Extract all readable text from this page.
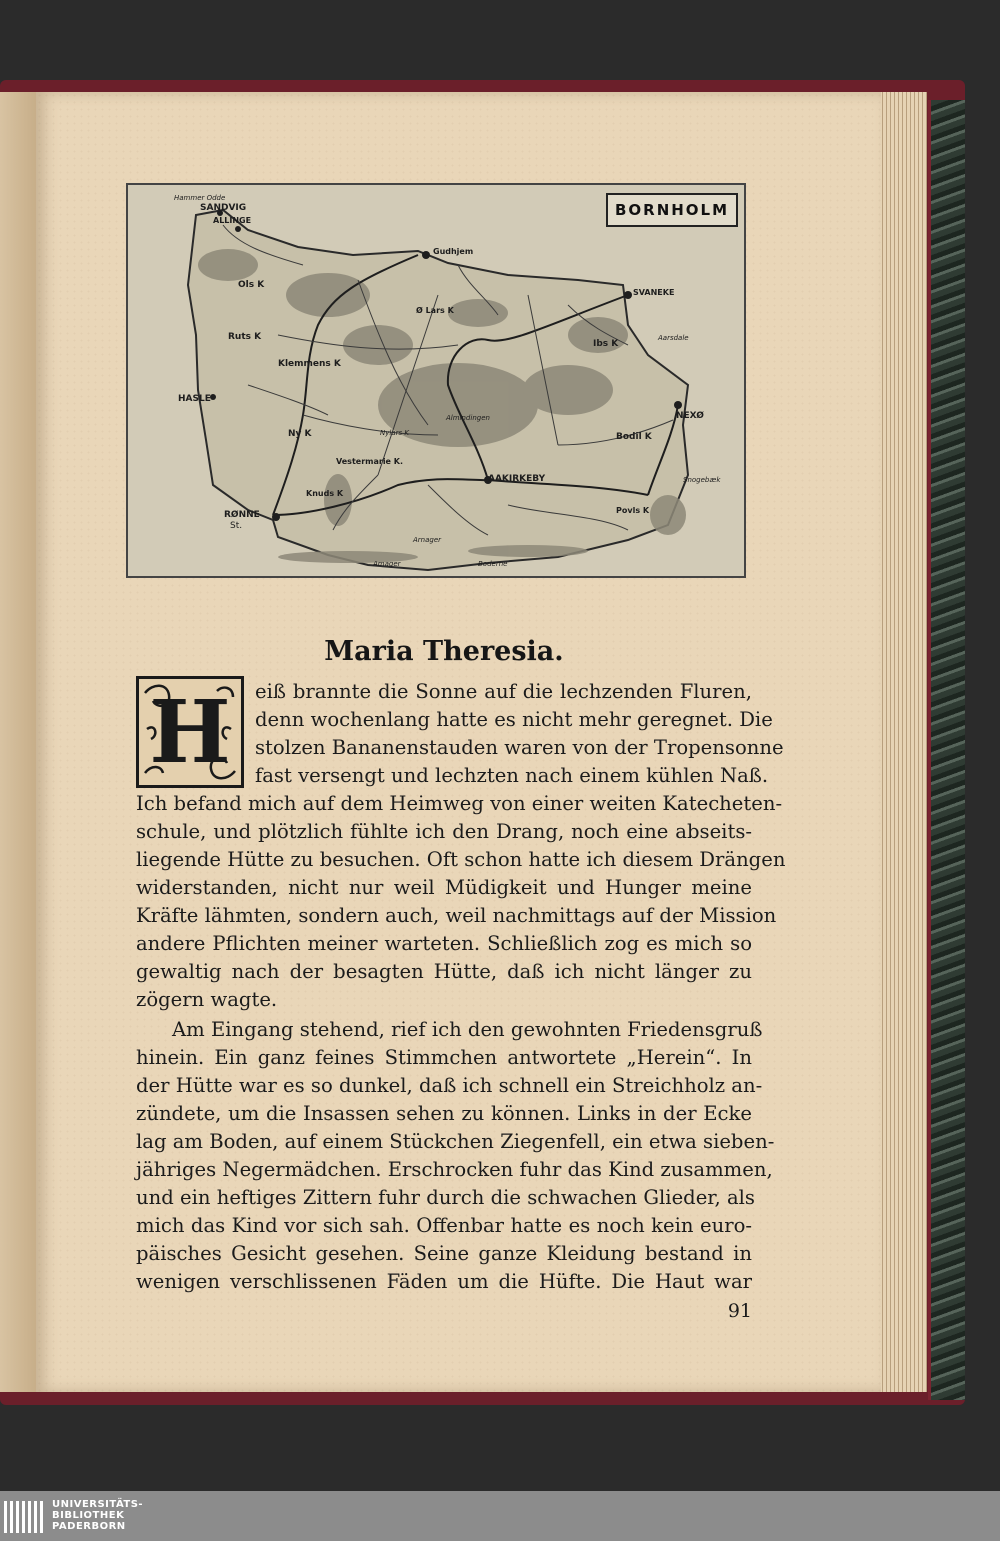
BORNHOLM
Hammer Odde
SANDVIG
ALLINGE
Gudhjem
SVANEKE
Ols K
Ruts K
Klemmens K
HASLE
Ny K
Vestermarie K.
AAKIRKEBY
NEXØ
Bodil K
Ibs K
Povls K
RØNNE
St.
Knuds K
Almindingen
Ø Lars K
Aarsdale
Amager	Boderne
Snogebæk
Nylars K
Arnager
Maria Theresia.
H	eiß brannte die Sonne auf die lechzenden Fluren,
denn wochenlang hatte es nicht mehr geregnet. Die
stolzen Bananenstauden waren von der Tropensonne
fast versengt und lechzten nach einem kühlen Naß.
Ich befand mich auf dem Heimweg von einer weiten Katecheten-
schule, und plötzlich fühlte ich den Drang, noch eine abseits-
liegende Hütte zu besuchen. Oft schon hatte ich diesem Drängen
widerstanden, nicht nur weil Müdigkeit und Hunger meine
Kräfte lähmten, sondern auch, weil nachmittags auf der Mission
andere Pflichten meiner warteten. Schließlich zog es mich so
gewaltig nach der besagten Hütte, daß ich nicht länger zu
zögern wagte.
Am Eingang stehend, rief ich den gewohnten Friedensgruß
hinein. Ein ganz feines Stimmchen antwortete „Herein“. In
der Hütte war es so dunkel, daß ich schnell ein Streichholz an-
zündete, um die Insassen sehen zu können. Links in der Ecke
lag am Boden, auf einem Stückchen Ziegenfell, ein etwa sieben-
jähriges Negermädchen. Erschrocken fuhr das Kind zusammen,
und ein heftiges Zittern fuhr durch die schwachen Glieder, als
mich das Kind vor sich sah. Offenbar hatte es noch kein euro-
päisches Gesicht gesehen. Seine ganze Kleidung bestand in
wenigen verschlissenen Fäden um die Hüfte. Die Haut war
91
UNIVERSITÄTS-
BIBLIOTHEK
PADERBORN
